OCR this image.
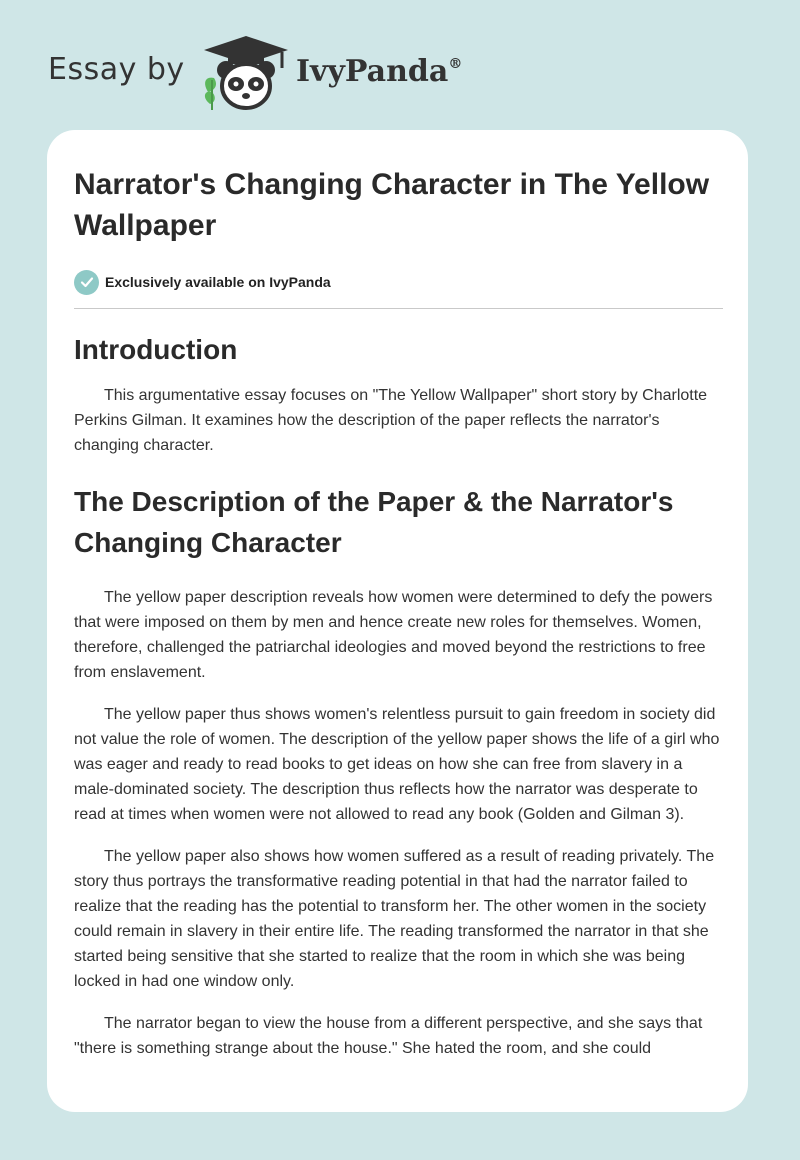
Essay by	IvyPanda®
Narrator's Changing Character in The Yellow Wallpaper
Exclusively available on IvyPanda
Introduction

This argumentative essay focuses on "The Yellow Wallpaper" short story by Charlotte Perkins Gilman. It examines how the description of the paper reflects the narrator's changing character.

The Description of the Paper & the Narrator's Changing Character

The yellow paper description reveals how women were determined to defy the powers that were imposed on them by men and hence create new roles for themselves. Women, therefore, challenged the patriarchal ideologies and moved beyond the restrictions to free from enslavement.

The yellow paper thus shows women's relentless pursuit to gain freedom in society did not value the role of women. The description of the yellow paper shows the life of a girl who was eager and ready to read books to get ideas on how she can free from slavery in a male-dominated society. The description thus reflects how the narrator was desperate to read at times when women were not allowed to read any book (Golden and Gilman 3).

The yellow paper also shows how women suffered as a result of reading privately. The story thus portrays the transformative reading potential in that had the narrator failed to realize that the reading has the potential to transform her. The other women in the society could remain in slavery in their entire life. The reading transformed the narrator in that she started being sensitive that she started to realize that the room in which she was being locked in had one window only.

The narrator began to view the house from a different perspective, and she says that "there is something strange about the house." She hated the room, and she could
